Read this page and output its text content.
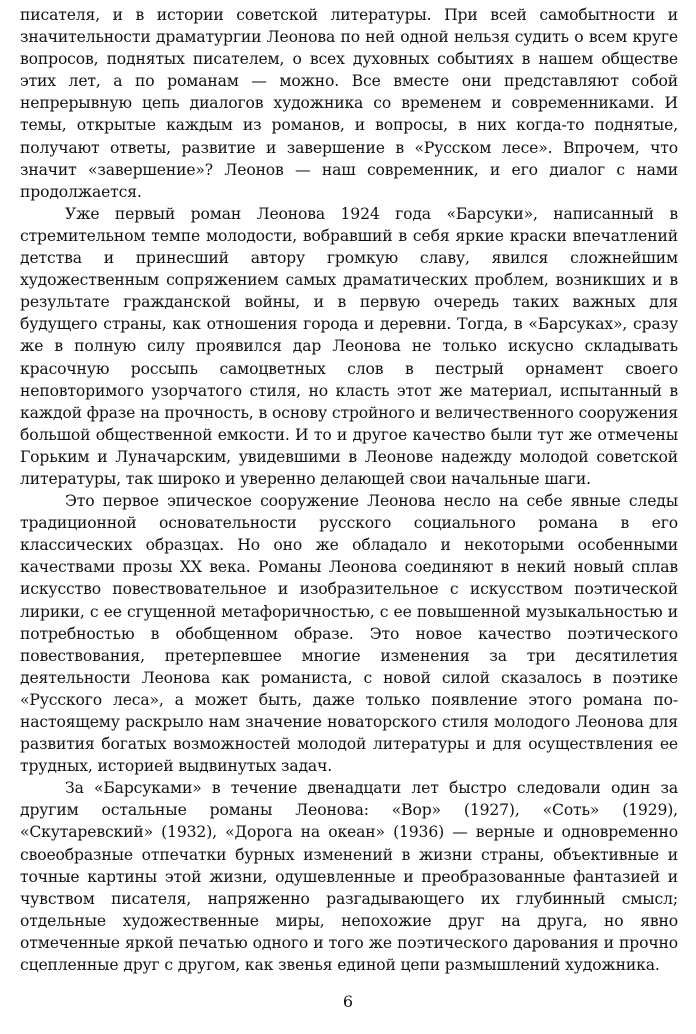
писателя, и в истории советской литературы. При всей самобытности и значительности драматургии Леонова по ней одной нельзя судить о всем круге вопросов, поднятых писателем, о всех духовных событиях в нашем обществе этих лет, а по романам — можно. Все вместе они представляют собой непрерывную цепь диалогов художника со временем и современниками. И темы, открытые каждым из романов, и вопросы, в них когда-то поднятые, получают ответы, развитие и завершение в «Русском лесе». Впрочем, что значит «завершение»? Леонов — наш современник, и его диалог с нами продолжается.

Уже первый роман Леонова 1924 года «Барсуки», написанный в стремительном темпе молодости, вобравший в себя яркие краски впечатлений детства и принесший автору громкую славу, явился сложнейшим художественным сопряжением самых драматических проблем, возникших и в результате гражданской войны, и в первую очередь таких важных для будущего страны, как отношения города и деревни. Тогда, в «Барсуках», сразу же в полную силу проявился дар Леонова не только искусно складывать красочную россыпь самоцветных слов в пестрый орнамент своего неповторимого узорчатого стиля, но класть этот же материал, испытанный в каждой фразе на прочность, в основу стройного и величественного сооружения большой общественной емкости. И то и другое качество были тут же отмечены Горьким и Луначарским, увидевшими в Леонове надежду молодой советской литературы, так широко и уверенно делающей свои начальные шаги.

Это первое эпическое сооружение Леонова несло на себе явные следы традиционной основательности русского социального романа в его классических образцах. Но оно же обладало и некоторыми особенными качествами прозы XX века. Романы Леонова соединяют в некий новый сплав искусство повествовательное и изобразительное с искусством поэтической лирики, с ее сгущенной метафоричностью, с ее повышенной музыкальностью и потребностью в обобщенном образе. Это новое качество поэтического повествования, претерпевшее многие изменения за три десятилетия деятельности Леонова как романиста, с новой силой сказалось в поэтике «Русского леса», а может быть, даже только появление этого романа по-настоящему раскрыло нам значение новаторского стиля молодого Леонова для развития богатых возможностей молодой литературы и для осуществления ее трудных, историей выдвинутых задач.

За «Барсуками» в течение двенадцати лет быстро следовали один за другим остальные романы Леонова: «Вор» (1927), «Соть» (1929), «Скутаревский» (1932), «Дорога на океан» (1936) — верные и одновременно своеобразные отпечатки бурных изменений в жизни страны, объективные и точные картины этой жизни, одушевленные и преобразованные фантазией и чувством писателя, напряженно разгадывающего их глубинный смысл; отдельные художественные миры, непохожие друг на друга, но явно отмеченные яркой печатью одного и того же поэтического дарования и прочно сцепленные друг с другом, как звенья единой цепи размышлений художника.

6
